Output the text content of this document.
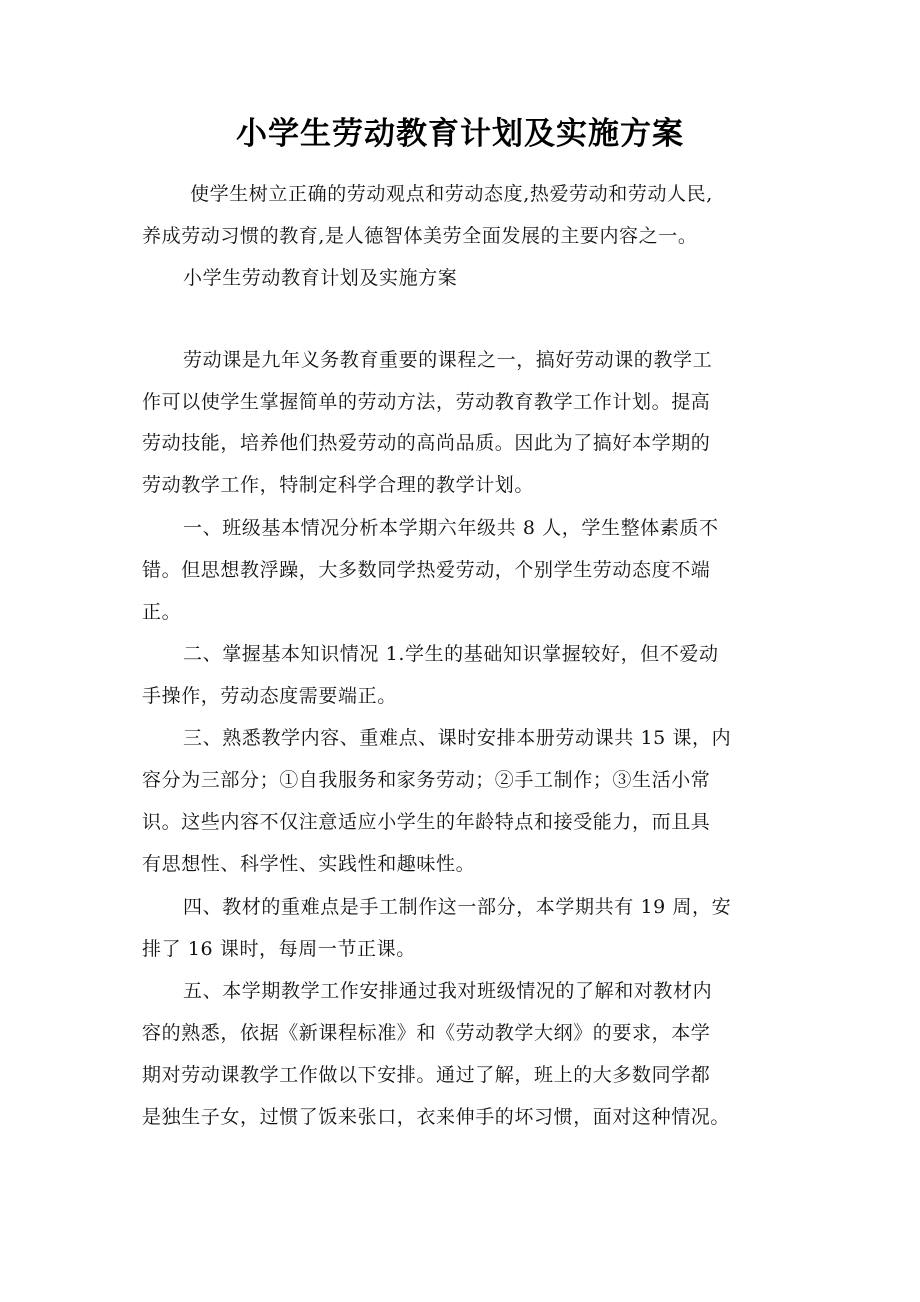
小学生劳动教育计划及实施方案
使学生树立正确的劳动观点和劳动态度,热爱劳动和劳动人民,
养成劳动习惯的教育,是人德智体美劳全面发展的主要内容之一。
小学生劳动教育计划及实施方案
劳动课是九年义务教育重要的课程之一，搞好劳动课的教学工
作可以使学生掌握简单的劳动方法，劳动教育教学工作计划。提高
劳动技能，培养他们热爱劳动的高尚品质。因此为了搞好本学期的
劳动教学工作，特制定科学合理的教学计划。
一、班级基本情况分析本学期六年级共 8 人，学生整体素质不
错。但思想教浮躁，大多数同学热爱劳动，个别学生劳动态度不端
正。
二、掌握基本知识情况 1.学生的基础知识掌握较好，但不爱动
手操作，劳动态度需要端正。
三、熟悉教学内容、重难点、课时安排本册劳动课共 15 课，内
容分为三部分；①自我服务和家务劳动；②手工制作；③生活小常
识。这些内容不仅注意适应小学生的年龄特点和接受能力，而且具
有思想性、科学性、实践性和趣味性。
四、教材的重难点是手工制作这一部分，本学期共有 19 周，安
排了 16 课时，每周一节正课。
五、本学期教学工作安排通过我对班级情况的了解和对教材内
容的熟悉，依据《新课程标准》和《劳动教学大纲》的要求，本学
期对劳动课教学工作做以下安排。通过了解，班上的大多数同学都
是独生子女，过惯了饭来张口，衣来伸手的坏习惯，面对这种情况。
